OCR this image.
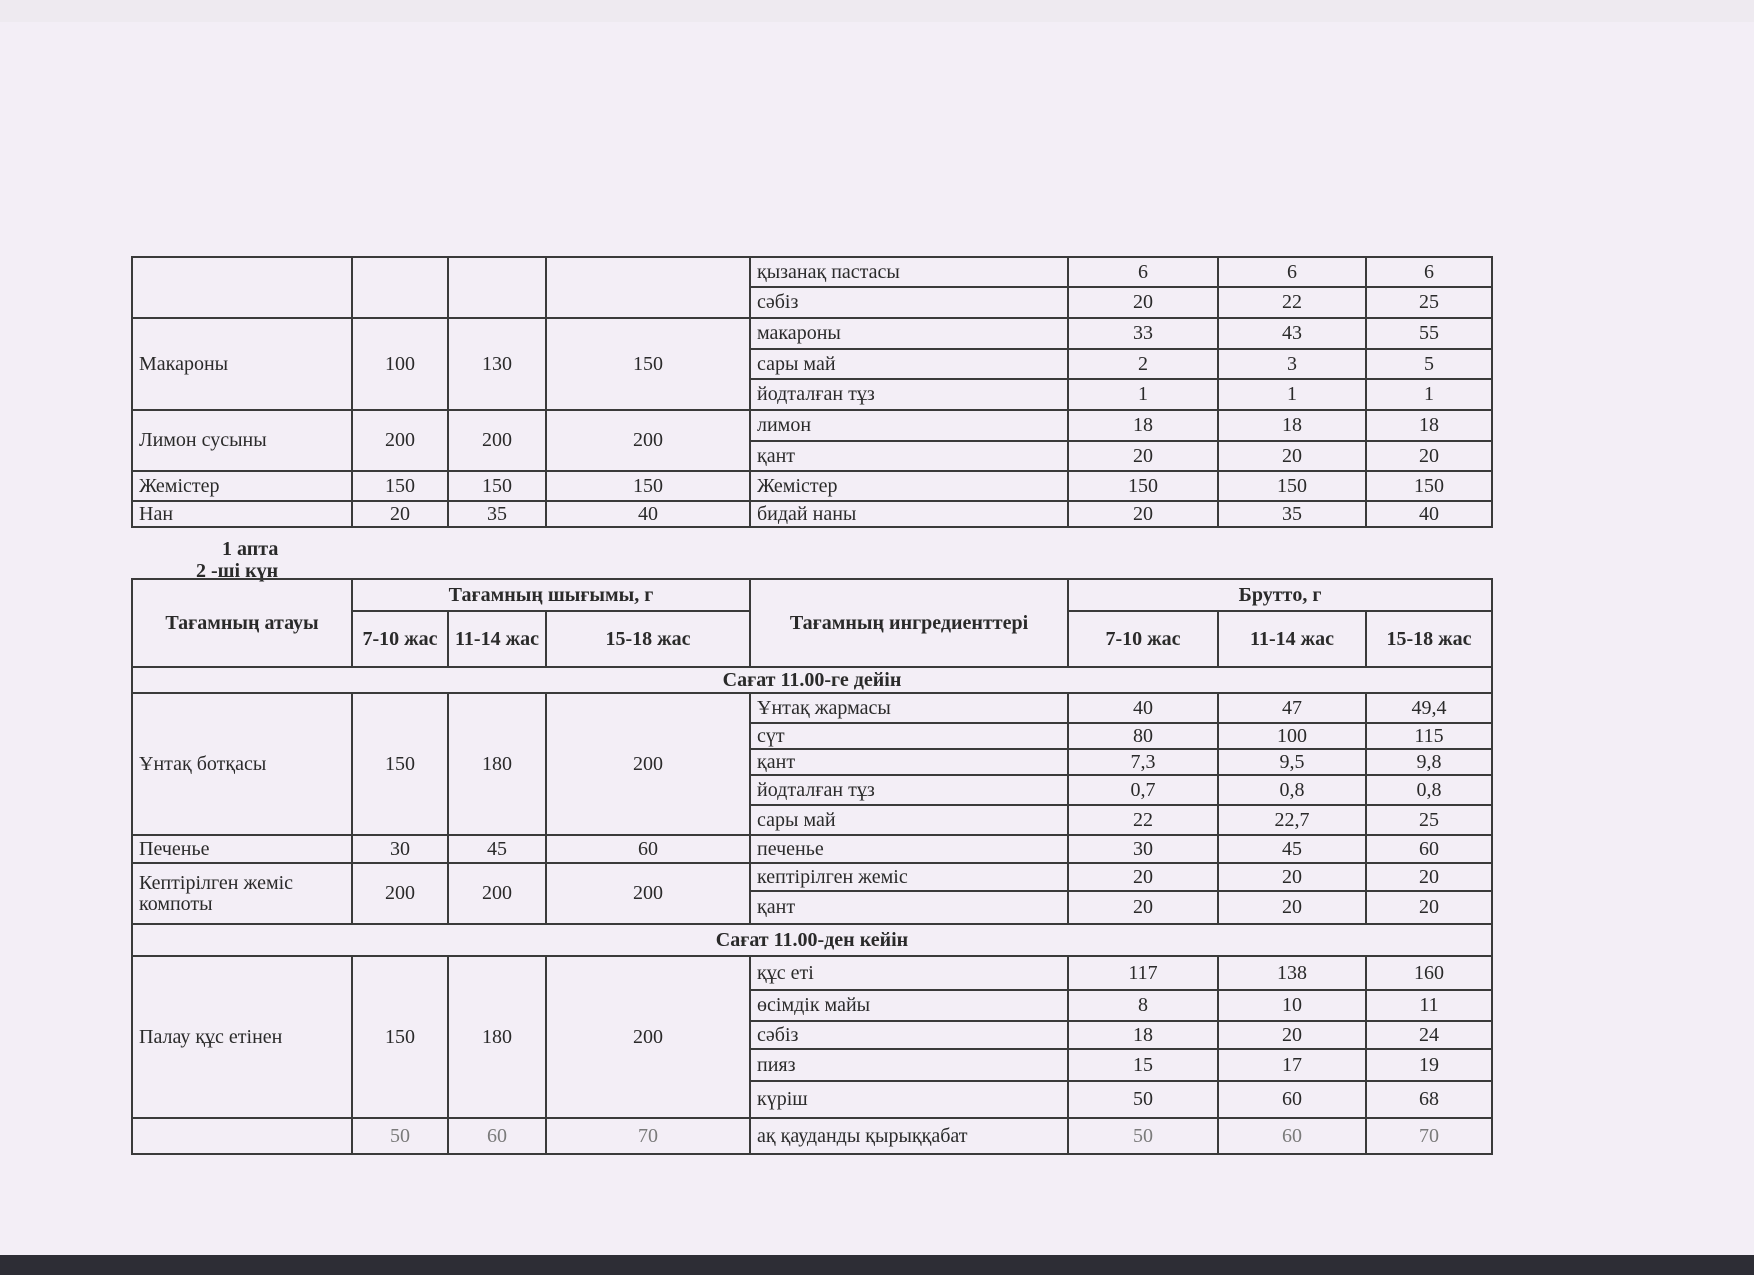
				қызанақ пастасы	6	6	6
				сәбіз	20	22	25
Макароны	100	130	150	макароны	33	43	55
				сары май	2	3	5
				йодталған тұз	1	1	1
Лимон сусыны	200	200	200	лимон	18	18	18
				қант	20	20	20
Жемістер	150	150	150	Жемістер	150	150	150
Нан	20	35	40	бидай наны	20	35	40
1 апта
2 -ші күн
Тағамның атауы	Тағамның шығымы, г			Тағамның ингредиенттері	Бруттo, г		
	7-10 жас	11-14 жас	15-18 жас		7-10 жас	11-14 жас	15-18 жас
Сағат 11.00-ге дейін							
Ұнтақ ботқасы	150	180	200	Ұнтақ жармасы	40	47	49,4
				сүт	80	100	115
				қант	7,3	9,5	9,8
				йодталған тұз	0,7	0,8	0,8
				сары май	22	22,7	25
Печенье	30	45	60	печенье	30	45	60
Кептірілген жеміс компоты	200	200	200	кептірілген жеміс	20	20	20
				қант	20	20	20
Сағат 11.00-ден кейін							
Палау құс етінен	150	180	200	құс еті	117	138	160
				өсімдік майы	8	10	11
				сәбіз	18	20	24
				пияз	15	17	19
				күріш	50	60	68
	50	60	70	ақ қауданды қырыққабат	50	60	70
